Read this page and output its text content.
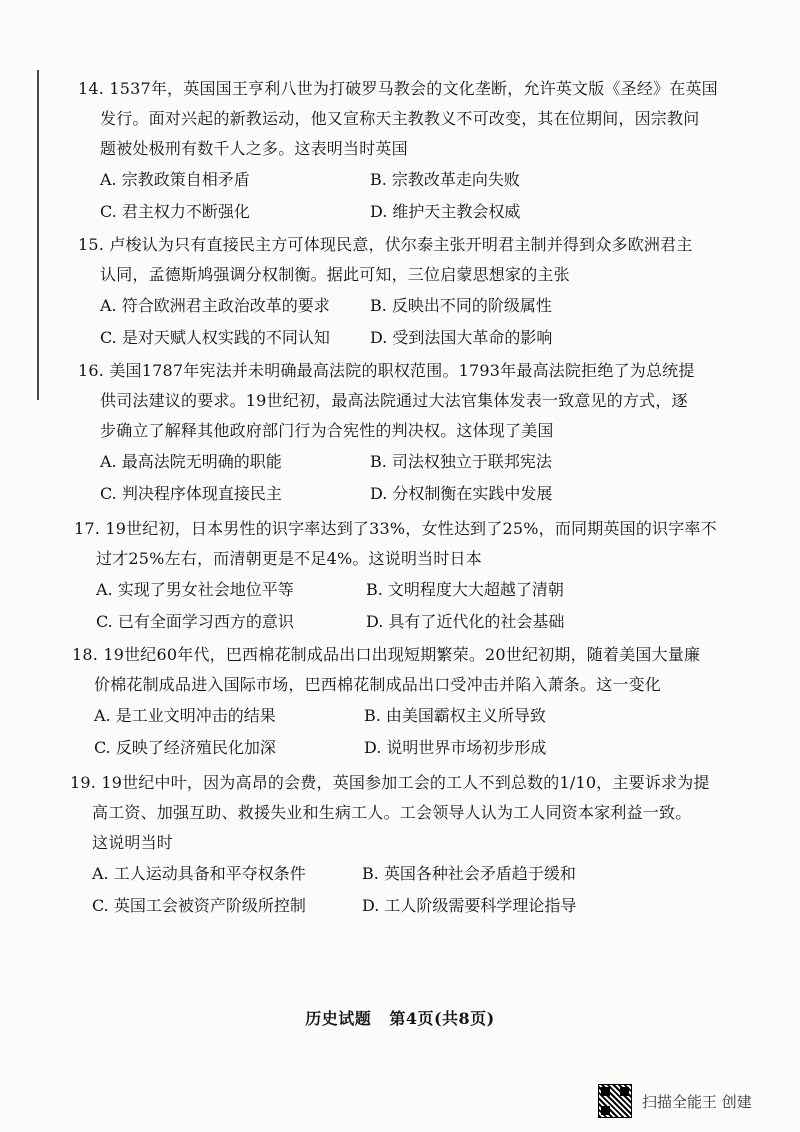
14. 1537年，英国国王亨利八世为打破罗马教会的文化垄断，允许英文版《圣经》在英国
发行。面对兴起的新教运动，他又宣称天主教教义不可改变，其在位期间，因宗教问
题被处极刑有数千人之多。这表明当时英国
A. 宗教政策自相矛盾	B. 宗教改革走向失败
C. 君主权力不断强化	D. 维护天主教会权威
15. 卢梭认为只有直接民主方可体现民意，伏尔泰主张开明君主制并得到众多欧洲君主
认同，孟德斯鸠强调分权制衡。据此可知，三位启蒙思想家的主张
A. 符合欧洲君主政治改革的要求	B. 反映出不同的阶级属性
C. 是对天赋人权实践的不同认知	D. 受到法国大革命的影响
16. 美国1787年宪法并未明确最高法院的职权范围。1793年最高法院拒绝了为总统提
供司法建议的要求。19世纪初，最高法院通过大法官集体发表一致意见的方式，逐
步确立了解释其他政府部门行为合宪性的判决权。这体现了美国
A. 最高法院无明确的职能	B. 司法权独立于联邦宪法
C. 判决程序体现直接民主	D. 分权制衡在实践中发展
17. 19世纪初，日本男性的识字率达到了33%，女性达到了25%，而同期英国的识字率不
过才25%左右，而清朝更是不足4%。这说明当时日本
A. 实现了男女社会地位平等	B. 文明程度大大超越了清朝
C. 已有全面学习西方的意识	D. 具有了近代化的社会基础
18. 19世纪60年代，巴西棉花制成品出口出现短期繁荣。20世纪初期，随着美国大量廉
价棉花制成品进入国际市场，巴西棉花制成品出口受冲击并陷入萧条。这一变化
A. 是工业文明冲击的结果	B. 由美国霸权主义所导致
C. 反映了经济殖民化加深	D. 说明世界市场初步形成
19. 19世纪中叶，因为高昂的会费，英国参加工会的工人不到总数的1/10，主要诉求为提
高工资、加强互助、救援失业和生病工人。工会领导人认为工人同资本家利益一致。
这说明当时
A. 工人运动具备和平夺权条件	B. 英国各种社会矛盾趋于缓和
C. 英国工会被资产阶级所控制	D. 工人阶级需要科学理论指导
历史试题 第4页(共8页)
扫描全能王 创建
